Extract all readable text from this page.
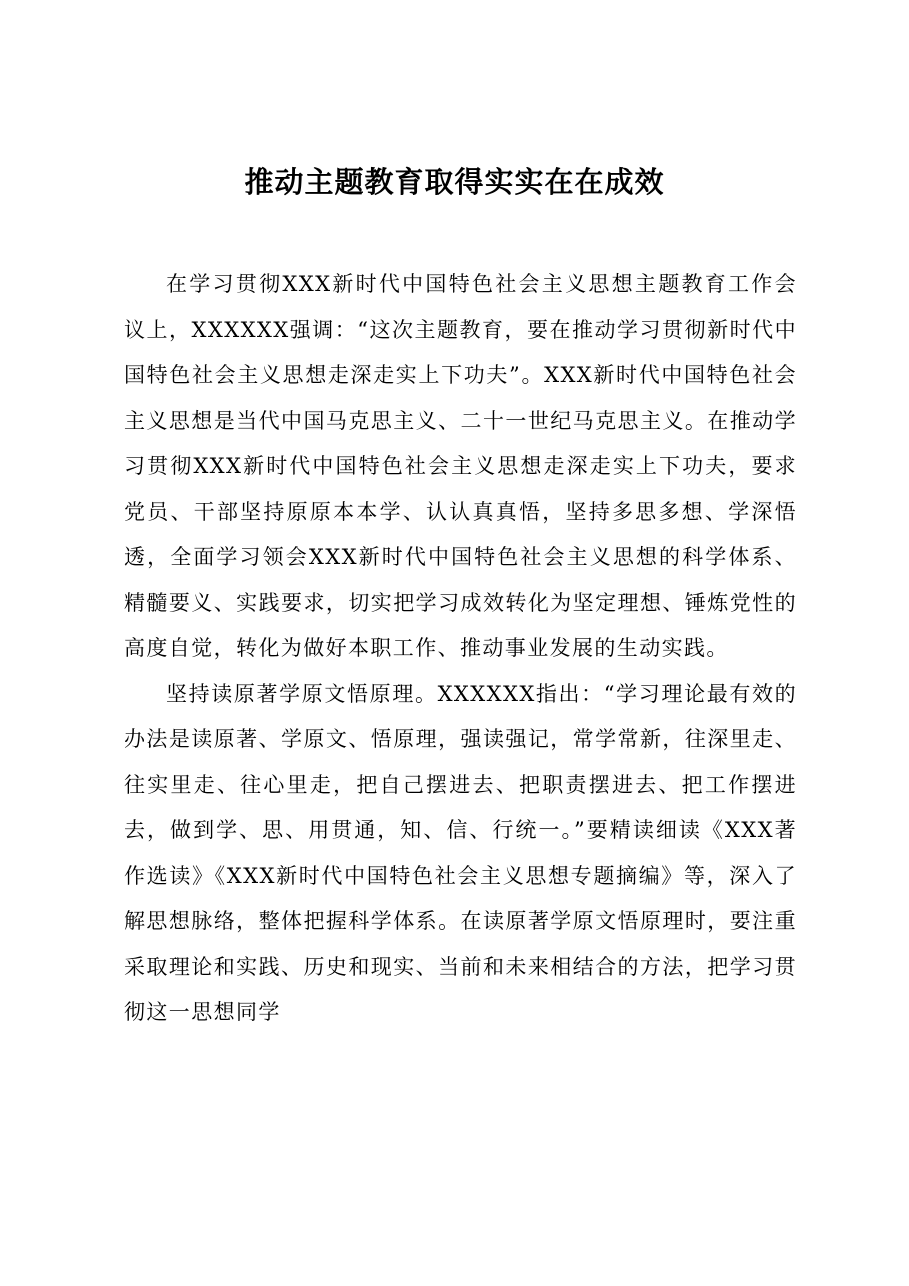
推动主题教育取得实实在在成效

在学习贯彻XXX新时代中国特色社会主义思想主题教育工作会议上，XXXXXX强调：“这次主题教育，要在推动学习贯彻新时代中国特色社会主义思想走深走实上下功夫”。XXX新时代中国特色社会主义思想是当代中国马克思主义、二十一世纪马克思主义。在推动学习贯彻XXX新时代中国特色社会主义思想走深走实上下功夫，要求党员、干部坚持原原本本学、认认真真悟，坚持多思多想、学深悟透，全面学习领会XXX新时代中国特色社会主义思想的科学体系、精髓要义、实践要求，切实把学习成效转化为坚定理想、锤炼党性的高度自觉，转化为做好本职工作、推动事业发展的生动实践。

坚持读原著学原文悟原理。XXXXXX指出：“学习理论最有效的办法是读原著、学原文、悟原理，强读强记，常学常新，往深里走、往实里走、往心里走，把自己摆进去、把职责摆进去、把工作摆进去，做到学、思、用贯通，知、信、行统一。”要精读细读《XXX著作选读》《XXX新时代中国特色社会主义思想专题摘编》等，深入了解思想脉络，整体把握科学体系。在读原著学原文悟原理时，要注重采取理论和实践、历史和现实、当前和未来相结合的方法，把学习贯彻这一思想同学
